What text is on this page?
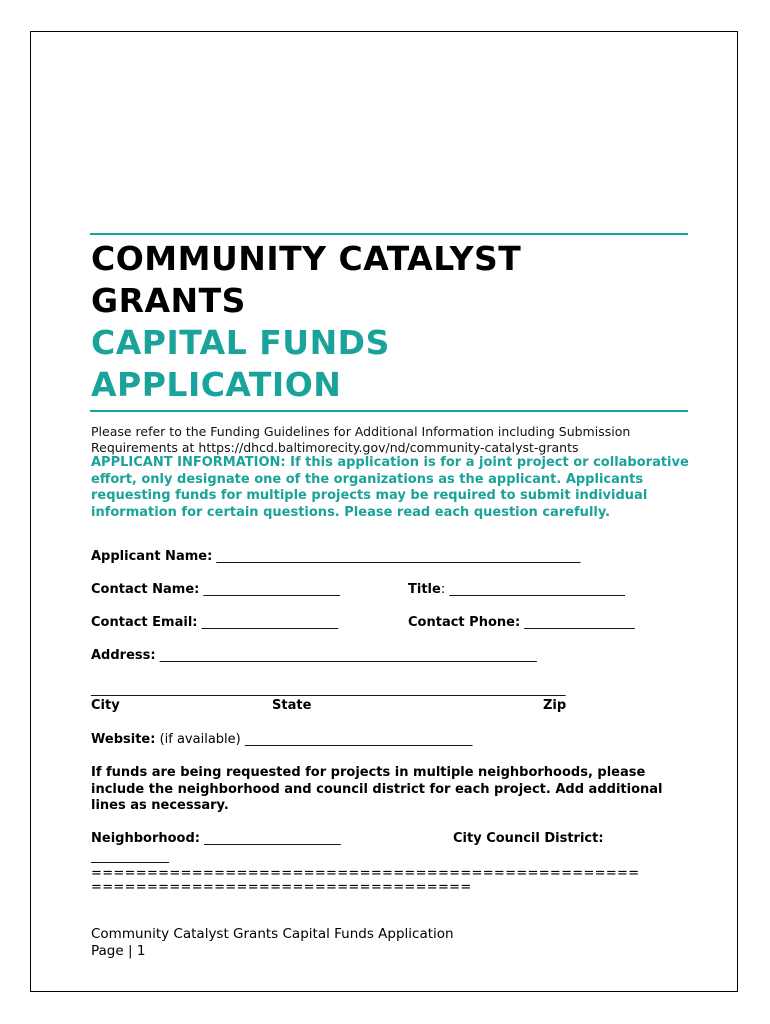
COMMUNITY CATALYST
GRANTS
CAPITAL FUNDS
APPLICATION
Please refer to the Funding Guidelines for Additional Information including Submission Requirements at https://dhcd.baltimorecity.gov/nd/community-catalyst-grants
APPLICANT INFORMATION: If this application is for a joint project or collaborative effort, only designate one of the organizations as the applicant. Applicants requesting funds for multiple projects may be required to submit individual information for certain questions. Please read each question carefully.
Applicant Name: ________________________________________________________
Contact Name: _____________________	Title: ___________________________
Contact Email: _____________________	Contact Phone: _________________
Address: __________________________________________________________
_________________________________________________________________________
City	State	Zip
Website: (if available) ___________________________________
If funds are being requested for projects in multiple neighborhoods, please include the neighborhood and council district for each project. Add additional lines as necessary.
Neighborhood: _____________________	City Council District:
____________
=================================================
==================================
Community Catalyst Grants Capital Funds Application
Page | 1
